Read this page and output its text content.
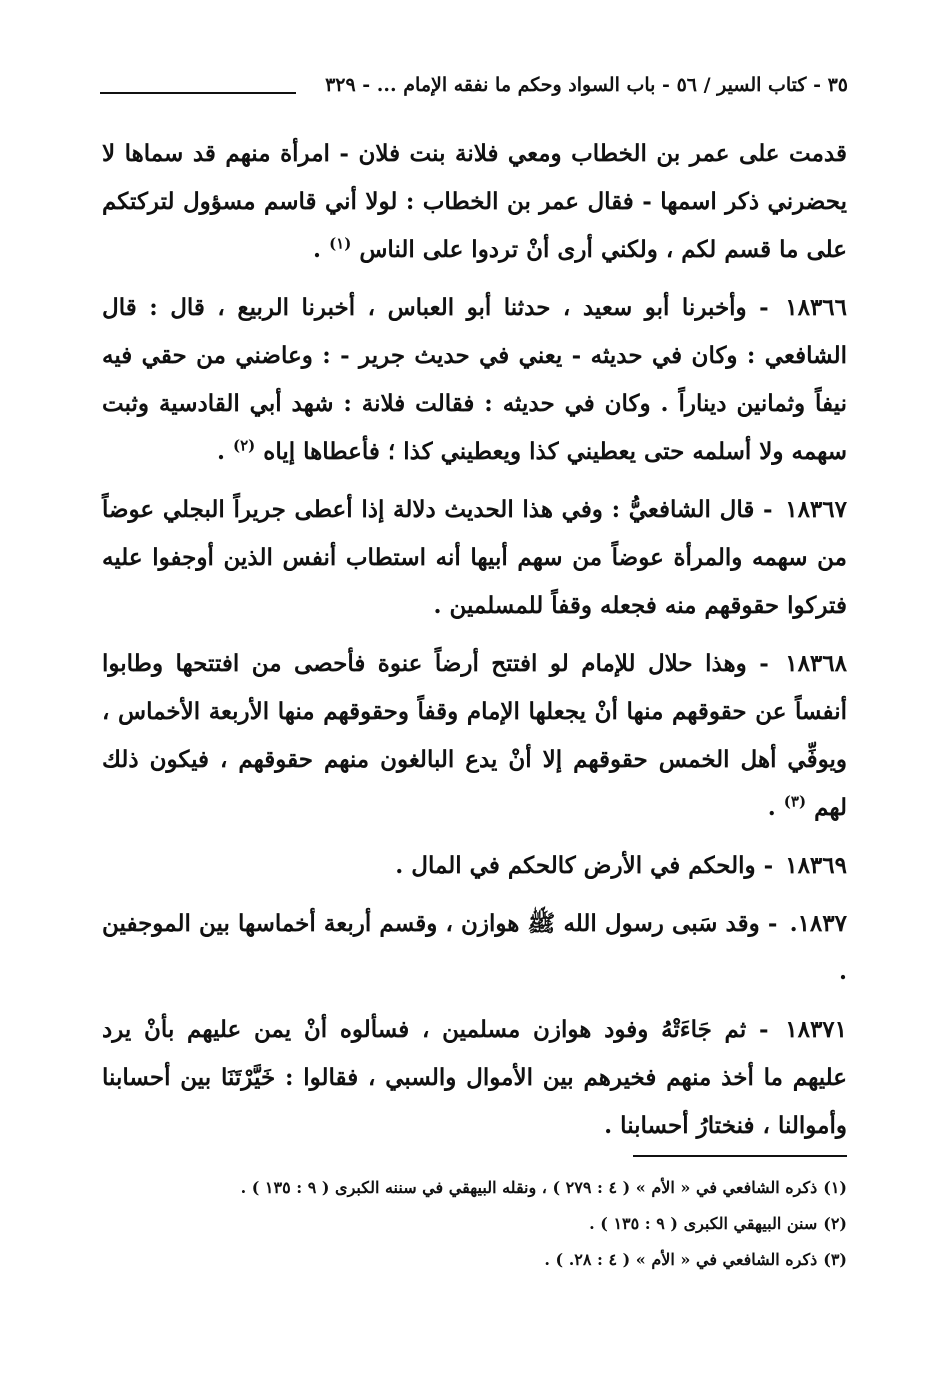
٣٥ - كتاب السير / ٥٦ - باب السواد وحكم ما نفقه الإمام ... - ٣٢٩

قدمت على عمر بن الخطاب ومعي فلانة بنت فلان - امرأة منهم قد سماها لا يحضرني ذكر اسمها - فقال عمر بن الخطاب : لولا أني قاسم مسؤول لتركتكم على ما قسم لكم ، ولكني أرى أنْ تردوا على الناس $^{(١)}$ .

١٨٣٦٦ - وأخبرنا أبو سعيد ، حدثنا أبو العباس ، أخبرنا الربيع ، قال : قال الشافعي : وكان في حديثه - يعني في حديث جرير - : وعاضني من حقي فيه نيفاً وثمانين ديناراً . وكان في حديثه : فقالت فلانة : شهد أبي القادسية وثبت سهمه ولا أسلمه حتى يعطيني كذا ويعطيني كذا ؛ فأعطاها إياه $^{(٢)}$ .

١٨٣٦٧ - قال الشافعيُّ : وفي هذا الحديث دلالة إذا أعطى جريراً البجلي عوضاً من سهمه والمرأة عوضاً من سهم أبيها أنه استطاب أنفس الذين أوجفوا عليه فتركوا حقوقهم منه فجعله وقفاً للمسلمين .

١٨٣٦٨ - وهذا حلال للإمام لو افتتح أرضاً عنوة فأحصى من افتتحها وطابوا أنفساً عن حقوقهم منها أنْ يجعلها الإمام وقفاً وحقوقهم منها الأربعة الأخماس ، ويوفِّي أهل الخمس حقوقهم إلا أنْ يدع البالغون منهم حقوقهم ، فيكون ذلك لهم $^{(٣)}$ .

١٨٣٦٩ - والحكم في الأرض كالحكم في المال .

١٨٣٧. - وقد سَبى رسول الله ﷺ هوازن ، وقسم أربعة أخماسها بين الموجفين .

١٨٣٧١ - ثم جَاءَتْهُ وفود هوازن مسلمين ، فسألوه أنْ يمن عليهم بأنْ يرد عليهم ما أخذ منهم فخيرهم بين الأموال والسبي ، فقالوا : خَيَّرْتَنَا بين أحسابنا وأموالنا ، فنختارُ أحسابنا .

(١)ذكره الشافعي في « الأم » ( ٤ : ٢٧٩ ) ، ونقله البيهقي في سننه الكبرى ( ٩ : ١٣٥ ) .
(٢)سنن البيهقي الكبرى ( ٩ : ١٣٥ ) .
(٣)ذكره الشافعي في « الأم » ( ٤ : ٢٨. ) .
